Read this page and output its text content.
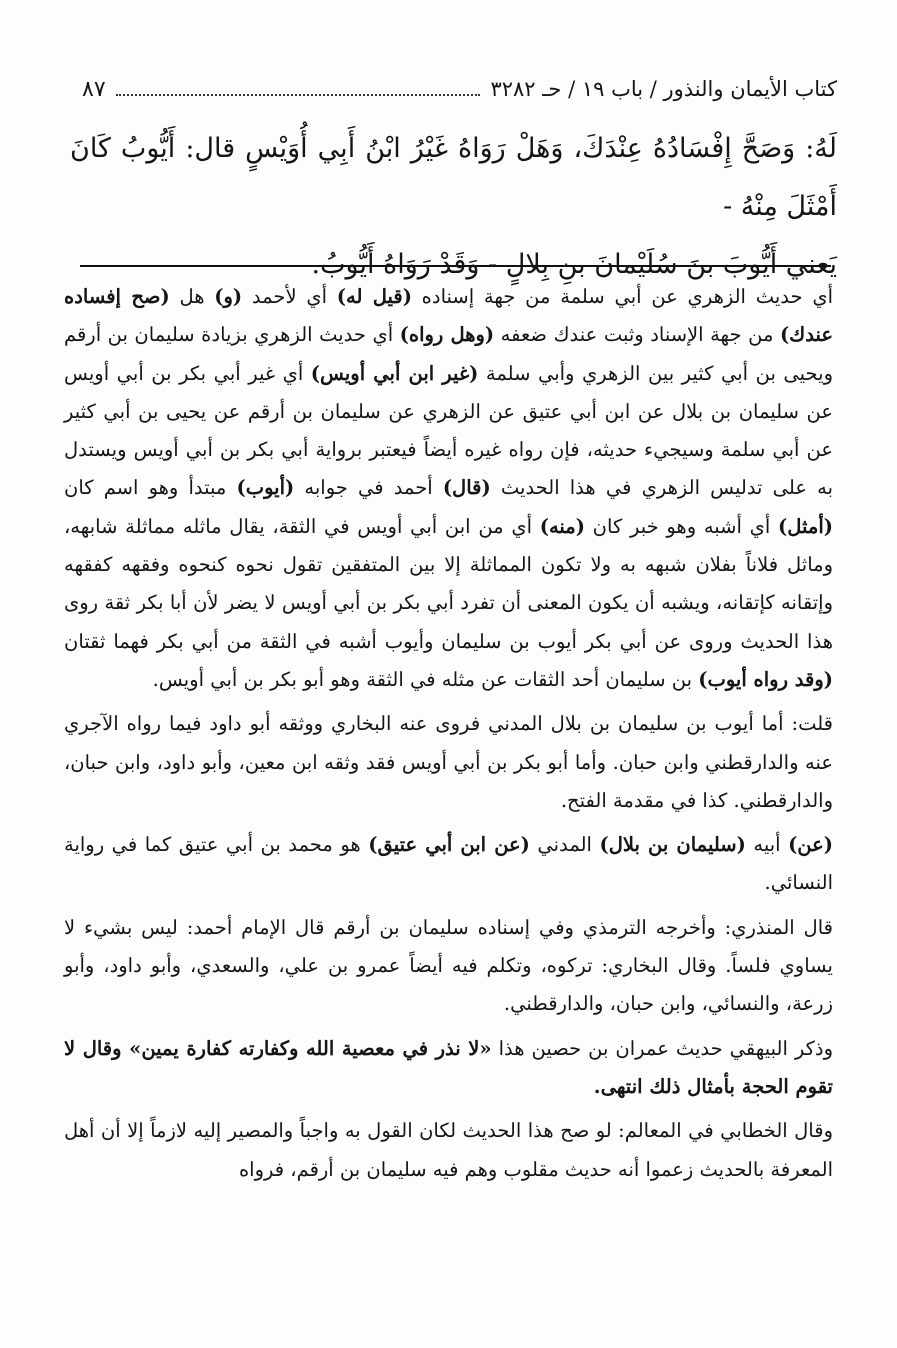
كتاب الأيمان والنذور / باب ١٩ / حـ ٣٢٨٢
٨٧

لَهُ: وَصَحَّ إِفْسَادُهُ عِنْدَكَ، وَهَلْ رَوَاهُ غَيْرُ ابْنُ أَبِي أُوَيْسٍ قال: أَيُّوبُ كَانَ أَمْثَلَ مِنْهُ -

يَعني أَيُّوبَ بنَ سُلَيْمانَ بنِ بِلالٍ - وَقَدْ رَوَاهُ أَيُّوبُ.

أي حديث الزهري عن أبي سلمة من جهة إسناده (قيل له) أي لأحمد (و) هل (صح إفساده عندك) من جهة الإسناد وثبت عندك ضعفه (وهل رواه) أي حديث الزهري بزيادة سليمان بن أرقم ويحيى بن أبي كثير بين الزهري وأبي سلمة (غير ابن أبي أويس) أي غير أبي بكر بن أبي أويس عن سليمان بن بلال عن ابن أبي عتيق عن الزهري عن سليمان بن أرقم عن يحيى بن أبي كثير عن أبي سلمة وسيجيء حديثه، فإن رواه غيره أيضاً فيعتبر برواية أبي بكر بن أبي أويس ويستدل به على تدليس الزهري في هذا الحديث (قال) أحمد في جوابه (أيوب) مبتدأ وهو اسم كان (أمثل) أي أشبه وهو خبر كان (منه) أي من ابن أبي أويس في الثقة، يقال ماثله مماثلة شابهه، وماثل فلاناً بفلان شبهه به ولا تكون المماثلة إلا بين المتفقين تقول نحوه كنحوه وفقهه كفقهه وإتقانه كإتقانه، ويشبه أن يكون المعنى أن تفرد أبي بكر بن أبي أويس لا يضر لأن أبا بكر ثقة روى هذا الحديث وروى عن أبي بكر أيوب بن سليمان وأيوب أشبه في الثقة من أبي بكر فهما ثقتان (وقد رواه أيوب) بن سليمان أحد الثقات عن مثله في الثقة وهو أبو بكر بن أبي أويس.

قلت: أما أيوب بن سليمان بن بلال المدني فروى عنه البخاري ووثقه أبو داود فيما رواه الآجري عنه والدارقطني وابن حبان. وأما أبو بكر بن أبي أويس فقد وثقه ابن معين، وأبو داود، وابن حبان، والدارقطني. كذا في مقدمة الفتح.

(عن) أبيه (سليمان بن بلال) المدني (عن ابن أبي عتيق) هو محمد بن أبي عتيق كما في رواية النسائي.

قال المنذري: وأخرجه الترمذي وفي إسناده سليمان بن أرقم قال الإمام أحمد: ليس بشيء لا يساوي فلساً. وقال البخاري: تركوه، وتكلم فيه أيضاً عمرو بن علي، والسعدي، وأبو داود، وأبو زرعة، والنسائي، وابن حبان، والدارقطني.

وذكر البيهقي حديث عمران بن حصين هذا «لا نذر في معصية الله وكفارته كفارة يمين» وقال لا تقوم الحجة بأمثال ذلك انتهى.

وقال الخطابي في المعالم: لو صح هذا الحديث لكان القول به واجباً والمصير إليه لازماً إلا أن أهل المعرفة بالحديث زعموا أنه حديث مقلوب وهم فيه سليمان بن أرقم، فرواه
